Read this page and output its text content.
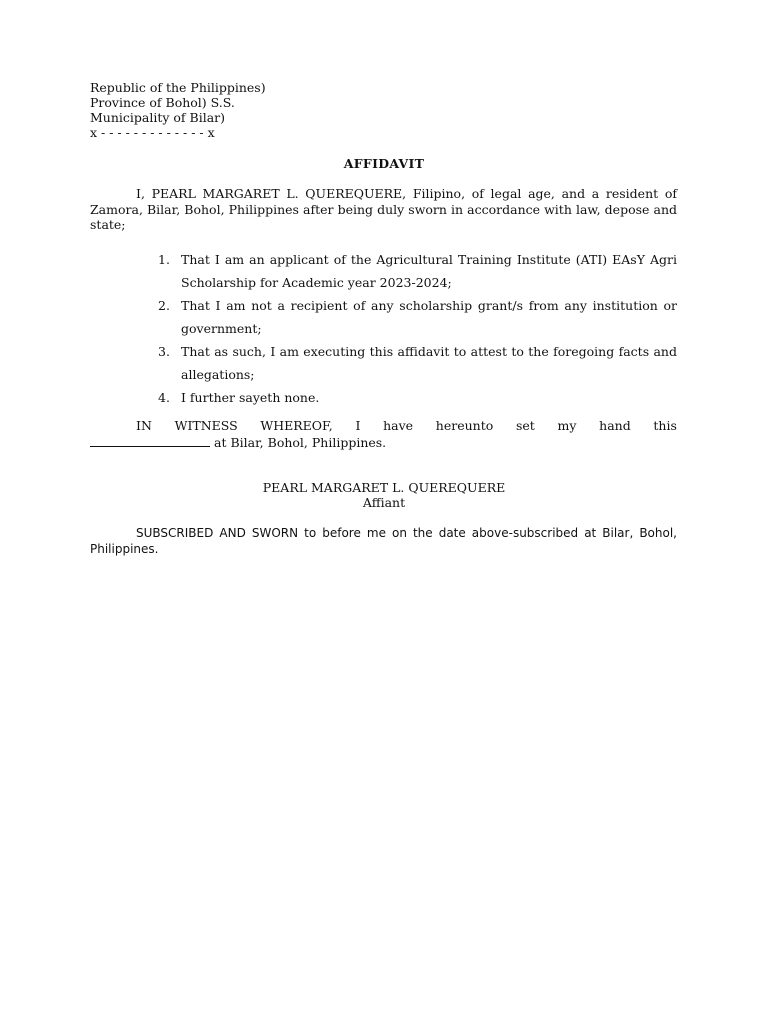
Republic of the Philippines)
Province of Bohol) S.S.
Municipality of Bilar)
x - - - - - - - - - - - - - x
AFFIDAVIT
I, PEARL MARGARET L. QUEREQUERE, Filipino, of legal age, and a resident of Zamora, Bilar, Bohol, Philippines after being duly sworn in accordance with law, depose and state;
1. That I am an applicant of the Agricultural Training Institute (ATI) EAsY Agri Scholarship for Academic year 2023-2024;
2. That I am not a recipient of any scholarship grant/s from any institution or government;
3. That as such, I am executing this affidavit to attest to the foregoing facts and allegations;
4. I further sayeth none.
IN WITNESS WHEREOF, I have hereunto set my hand this
at Bilar, Bohol, Philippines.
PEARL MARGARET L. QUEREQUERE
Affiant
SUBSCRIBED AND SWORN to before me on the date above-subscribed at Bilar, Bohol, Philippines.
